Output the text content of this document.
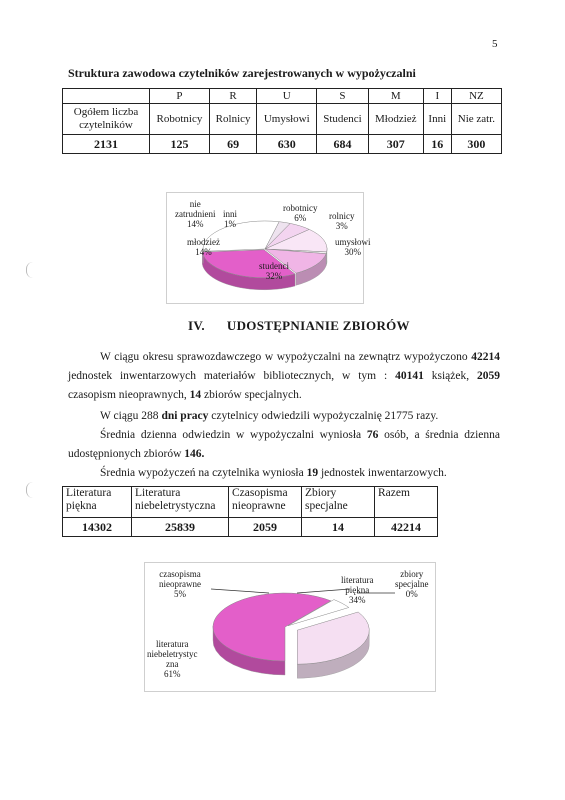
5
Struktura zawodowa czytelników zarejestrowanych w wypożyczalni
	P	R	U	S	M	I	NZ
Ogółem liczba czytelników	Robotnicy	Rolnicy	Umysłowi	Studenci	Młodzież	Inni	Nie zatr.
2131	125	69	630	684	307	16	300
nie
zatrudnieni
14%
inni
1%
młodzież
14%
robotnicy
6%	rolnicy
3%
umysłowi
30%
studenci
32%
IV. UDOSTĘPNIANIE ZBIORÓW
W ciągu okresu sprawozdawczego w wypożyczalni na zewnątrz wypożyczono 42214 jednostek inwentarzowych materiałów bibliotecznych, w tym : 40141 książek, 2059 czasopism nieoprawnych, 14 zbiorów specjalnych.
W ciągu 288 dni pracy czytelnicy odwiedzili wypożyczalnię 21775 razy.
Średnia dzienna odwiedzin w wypożyczalni wyniosła 76 osób, a średnia dzienna udostępnionych zbiorów 146.
Średnia wypożyczeń na czytelnika wyniosła 19 jednostek inwentarzowych.
Literatura piękna	Literatura niebeletrystyczna	Czasopisma nieoprawne	Zbiory specjalne	Razem
14302	25839	2059	14	42214
czasopisma
nieoprawne
5%
literatura
piękna
34%
zbiory
specjalne
0%
literatura
niebeletrystyc
zna
61%
